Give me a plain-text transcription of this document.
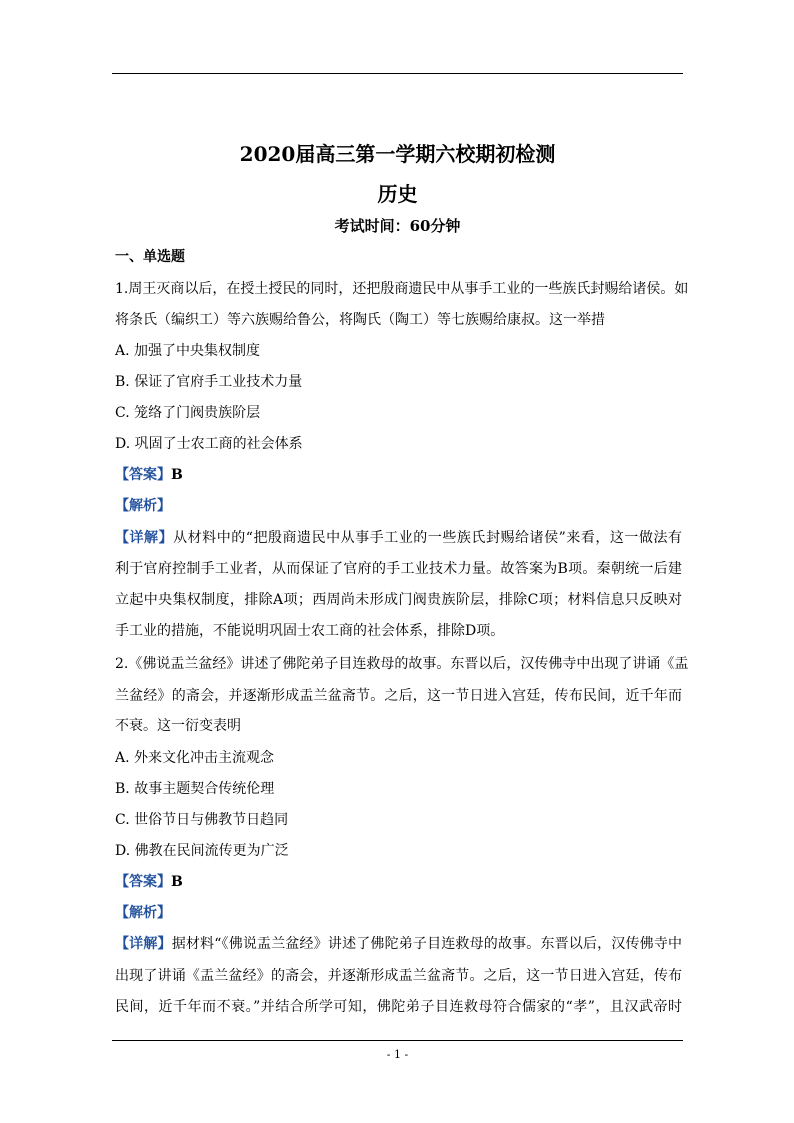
2020届高三第一学期六校期初检测
历史
考试时间：60分钟
一、单选题
1.周王灭商以后，在授土授民的同时，还把殷商遗民中从事手工业的一些族氏封赐给诸侯。如
将条氏（编织工）等六族赐给鲁公，将陶氏（陶工）等七族赐给康叔。这一举措
A. 加强了中央集权制度
B. 保证了官府手工业技术力量
C. 笼络了门阀贵族阶层
D. 巩固了士农工商的社会体系
【答案】B
【解析】
【详解】从材料中的“把殷商遗民中从事手工业的一些族氏封赐给诸侯”来看，这一做法有
利于官府控制手工业者，从而保证了官府的手工业技术力量。故答案为B项。秦朝统一后建
立起中央集权制度，排除A项；西周尚未形成门阀贵族阶层，排除C项；材料信息只反映对
手工业的措施，不能说明巩固士农工商的社会体系，排除D项。
2.《佛说盂兰盆经》讲述了佛陀弟子目连救母的故事。东晋以后，汉传佛寺中出现了讲诵《盂
兰盆经》的斋会，并逐渐形成盂兰盆斋节。之后，这一节日进入宫廷，传布民间，近千年而
不衰。这一衍变表明
A. 外来文化冲击主流观念
B. 故事主题契合传统伦理
C. 世俗节日与佛教节日趋同
D. 佛教在民间流传更为广泛
【答案】B
【解析】
【详解】据材料“《佛说盂兰盆经》讲述了佛陀弟子目连救母的故事。东晋以后，汉传佛寺中
出现了讲诵《盂兰盆经》的斋会，并逐渐形成盂兰盆斋节。之后，这一节日进入宫廷，传布
民间，近千年而不衰。”并结合所学可知，佛陀弟子目连救母符合儒家的“孝”，且汉武帝时
- 1 -
